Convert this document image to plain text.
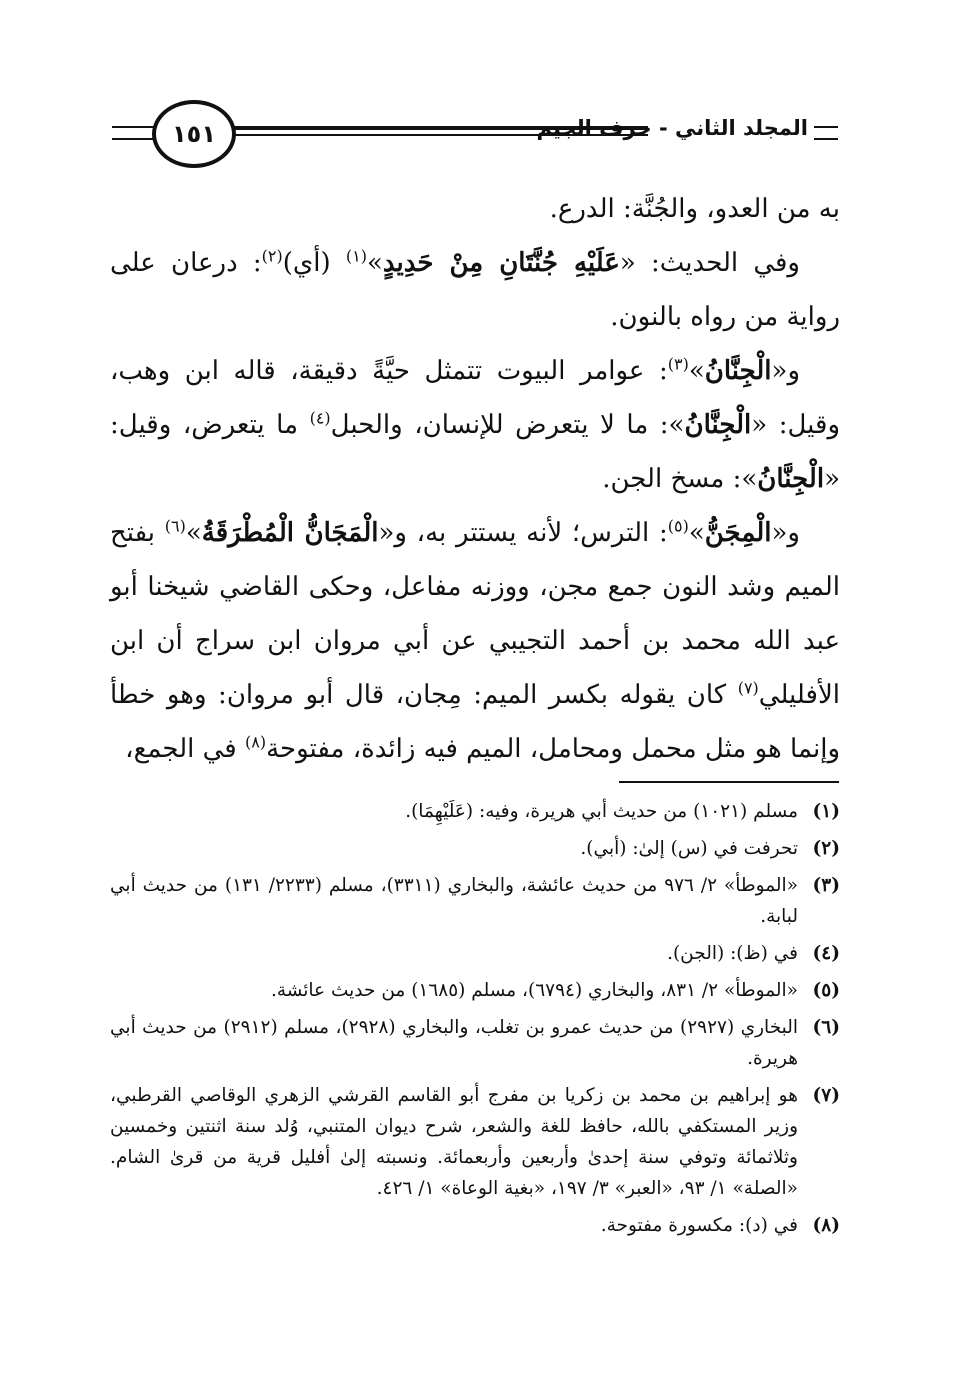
١٥١	المجلد الثاني - حرف الجيم

به من العدو، والجُنَّة: الدرع.

وفي الحديث: «عَلَيْهِ جُنَّتَانِ مِنْ حَدِيدٍ»$^{(١)}$ (أي)$^{(٢)}$: درعان على رواية من رواه بالنون.

و«الْجِنَّانُ»$^{(٣)}$: عوامر البيوت تتمثل حيَّةً دقيقة، قاله ابن وهب، وقيل: «الْجِنَّانُ»: ما لا يتعرض للإنسان، والحبل$^{(٤)}$ ما يتعرض، وقيل: «الْجِنَّانُ»: مسخ الجن.

و«الْمِجَنُّ»$^{(٥)}$: الترس؛ لأنه يستتر به، و«الْمَجَانُّ الْمُطْرَقَةُ»$^{(٦)}$ بفتح الميم وشد النون جمع مجن، ووزنه مفاعل، وحكى القاضي شيخنا أبو عبد الله محمد بن أحمد التجيبي عن أبي مروان ابن سراج أن ابن الأفليلي$^{(٧)}$ كان يقوله بكسر الميم: مِجان، قال أبو مروان: وهو خطأ وإنما هو مثل محمل ومحامل، الميم فيه زائدة، مفتوحة$^{(٨)}$ في الجمع،

(١)
مسلم (١٠٢١) من حديث أبي هريرة، وفيه: (عَلَيْهِمَا).
(٢)
تحرفت في (س) إلىٰ: (أبي).
(٣)
«الموطأ» ٢/ ٩٧٦ من حديث عائشة، والبخاري (٣٣١١)، مسلم (٢٢٣٣/ ١٣١) من حديث أبي لبابة.
(٤)
في (ظ): (الجن).
(٥)
«الموطأ» ٢/ ٨٣١، والبخاري (٦٧٩٤)، مسلم (١٦٨٥) من حديث عائشة.
(٦)
البخاري (٢٩٢٧) من حديث عمرو بن تغلب، والبخاري (٢٩٢٨)، مسلم (٢٩١٢) من حديث أبي هريرة.
(٧)
هو إبراهيم بن محمد بن زكريا بن مفرج أبو القاسم القرشي الزهري الوقاصي القرطبي، وزير المستكفي بالله، حافظ للغة والشعر، شرح ديوان المتنبي، وُلد سنة اثنتين وخمسين وثلاثمائة وتوفي سنة إحدىٰ وأربعين وأربعمائة. ونسبته إلىٰ أفليل قرية من قرىٰ الشام. «الصلة» ١/ ٩٣، «العبر» ٣/ ١٩٧، «بغية الوعاة» ١/ ٤٢٦.
(٨)
في (د): مكسورة مفتوحة.
